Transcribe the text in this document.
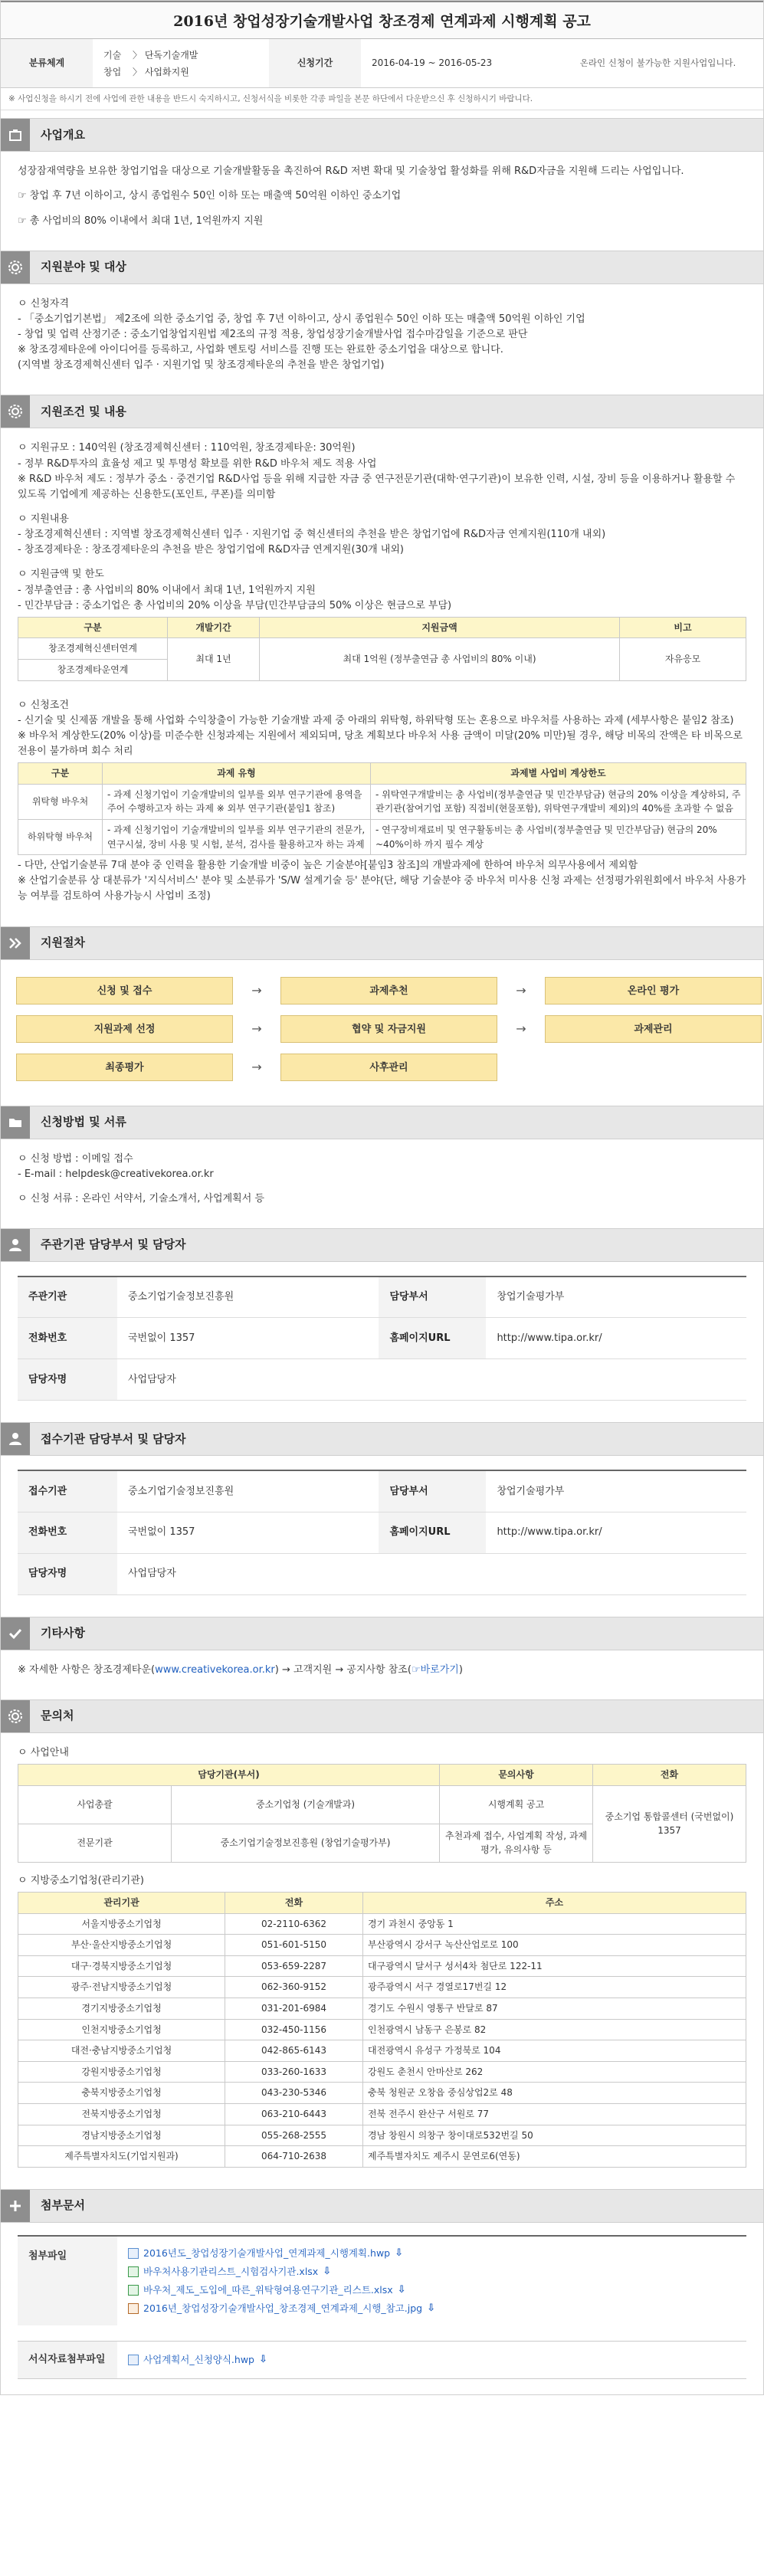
2016년 창업성장기술개발사업 창조경제 연계과제 시행계획 공고
분류체계
기술 〉 단독기술개발
창업 〉 사업화지원
신청기간	2016-04-19 ~ 2016-05-23	온라인 신청이 불가능한 지원사업입니다.
※ 사업신청을 하시기 전에 사업에 관한 내용을 반드시 숙지하시고, 신청서식을 비롯한 각종 파일을 본문 하단에서 다운받으신 후 신청하시기 바랍니다.
사업개요

성장잠재역량을 보유한 창업기업을 대상으로 기술개발활동을 촉진하여 R&D 저변 확대 및 기술창업 활성화를 위해 R&D자금을 지원해 드리는 사업입니다.

☞ 창업 후 7년 이하이고, 상시 종업원수 50인 이하 또는 매출액 50억원 이하인 중소기업

☞ 총 사업비의 80% 이내에서 최대 1년, 1억원까지 지원

지원분야 및 대상

ㅇ 신청자격

- 「중소기업기본법」 제2조에 의한 중소기업 중, 창업 후 7년 이하이고, 상시 종업원수 50인 이하 또는 매출액 50억원 이하인 기업

- 창업 및 업력 산정기준 : 중소기업창업지원법 제2조의 규정 적용, 창업성장기술개발사업 접수마감일을 기준으로 판단

※ 창조경제타운에 아이디어를 등록하고, 사업화 멘토링 서비스를 진행 또는 완료한 중소기업을 대상으로 합니다.

(지역별 창조경제혁신센터 입주 · 지원기업 및 창조경제타운의 추천을 받은 창업기업)

지원조건 및 내용

ㅇ 지원규모 : 140억원 (창조경제혁신센터 : 110억원, 창조경제타운: 30억원)

- 정부 R&D투자의 효율성 제고 및 투명성 확보를 위한 R&D 바우처 제도 적용 사업

※ R&D 바우처 제도 : 정부가 중소 · 중견기업 R&D사업 등을 위해 지급한 자금 중 연구전문기관(대학·연구기관)이 보유한 인력, 시설, 장비 등을 이용하거나 활용할 수 있도록 기업에게 제공하는 신용한도(포인트, 쿠폰)를 의미함

ㅇ 지원내용

- 창조경제혁신센터 : 지역별 창조경제혁신센터 입주 · 지원기업 중 혁신센터의 추천을 받은 창업기업에 R&D자금 연계지원(110개 내외)

- 창조경제타운 : 창조경제타운의 추천을 받은 창업기업에 R&D자금 연계지원(30개 내외)

ㅇ 지원금액 및 한도

- 정부출연금 : 총 사업비의 80% 이내에서 최대 1년, 1억원까지 지원

- 민간부담금 : 중소기업은 총 사업비의 20% 이상을 부담(민간부담금의 50% 이상은 현금으로 부담)

구분	개발기간	지원금액	비고
창조경제혁신센터연계	최대 1년	최대 1억원 (정부출연금 총 사업비의 80% 이내)	자유응모
창조경제타운연계			

ㅇ 신청조건

- 신기술 및 신제품 개발을 통해 사업화 수익창출이 가능한 기술개발 과제 중 아래의 위탁형, 하위탁형 또는 혼용으로 바우처를 사용하는 과제 (세부사항은 붙임2 참조)

※ 바우처 계상한도(20% 이상)를 미준수한 신청과제는 지원에서 제외되며, 당초 계획보다 바우처 사용 금액이 미달(20% 미만)될 경우, 해당 비목의 잔액은 타 비목으로 전용이 불가하며 회수 처리

구분	과제 유형	과제별 사업비 계상한도
위탁형 바우처	- 과제 신청기업이 기술개발비의 일부를 외부 연구기관에 용역을 주어 수행하고자 하는 과제 ※ 외부 연구기관(붙임1 참조)	- 위탁연구개발비는 총 사업비(정부출연금 및 민간부담금) 현금의 20% 이상을 계상하되, 주관기관(참여기업 포함) 직접비(현물포함), 위탁연구개발비 제외)의 40%를 초과할 수 없음
하위탁형 바우처	- 과제 신청기업이 기술개발비의 일부를 외부 연구기관의 전문가, 연구시설, 장비 사용 및 시험, 분석, 검사를 활용하고자 하는 과제	- 연구장비재료비 및 연구활동비는 총 사업비(정부출연금 및 민간부담금) 현금의 20% ~40%이하 까지 필수 계상

- 다만, 산업기술분류 7대 분야 중 인력을 활용한 기술개발 비중이 높은 기술분야[붙임3 참조]의 개발과제에 한하여 바우처 의무사용에서 제외함

※ 산업기술분류 상 대분류가 '지식서비스' 분야 및 소분류가 'S/W 설계기술 등' 분야(단, 해당 기술분야 중 바우처 미사용 신청 과제는 선정평가위원회에서 바우처 사용가능 여부를 검토하여 사용가능시 사업비 조정)

지원절차
신청 및 접수	→	과제추천	→	온라인 평가
지원과제 선정	→	협약 및 자금지원	→	과제관리
최종평가	→	사후관리
신청방법 및 서류

ㅇ 신청 방법 : 이메일 접수

- E-mail : helpdesk@creativekorea.or.kr

ㅇ 신청 서류 : 온라인 서약서, 기술소개서, 사업계획서 등

주관기관 담당부서 및 담당자
주관기관	중소기업기술정보진흥원	담당부서	창업기술평가부
전화번호	국번없이 1357	홈페이지URL	http://www.tipa.or.kr/
담당자명	사업담당자		
접수기관 담당부서 및 담당자
접수기관	중소기업기술정보진흥원	담당부서	창업기술평가부
전화번호	국번없이 1357	홈페이지URL	http://www.tipa.or.kr/
담당자명	사업담당자		
기타사항

※ 자세한 사항은 창조경제타운(www.creativekorea.or.kr) → 고객지원 → 공지사항 참조(☞바로가기)

문의처

ㅇ 사업안내

담당기관(부서)		문의사항	전화
사업총괄	중소기업청 (기술개발과)	시행계획 공고	중소기업 통합콜센터 (국번없이) 1357
전문기관	중소기업기술정보진흥원 (창업기술평가부)	추천과제 접수, 사업계획 작성, 과제평가, 유의사항 등	

ㅇ 지방중소기업청(관리기관)

관리기관	전화	주소
서울지방중소기업청	02-2110-6362	경기 과천시 중앙동 1
부산·울산지방중소기업청	051-601-5150	부산광역시 강서구 녹산산업로로 100
대구·경북지방중소기업청	053-659-2287	대구광역시 달서구 성서4차 첨단로 122-11
광주·전남지방중소기업청	062-360-9152	광주광역시 서구 경열로17번길 12
경기지방중소기업청	031-201-6984	경기도 수원시 영통구 반달로 87
인천지방중소기업청	032-450-1156	인천광역시 남동구 은봉로 82
대전·충남지방중소기업청	042-865-6143	대전광역시 유성구 가정북로 104
강원지방중소기업청	033-260-1633	강원도 춘천시 안마산로 262
충북지방중소기업청	043-230-5346	충북 청원군 오창읍 중심상업2로 48
전북지방중소기업청	063-210-6443	전북 전주시 완산구 서원로 77
경남지방중소기업청	055-268-2555	경남 창원시 의창구 창이대로532번길 50
제주특별자치도(기업지원과)	064-710-2638	제주특별자치도 제주시 문연로6(연동)
첨부문서
첨부파일	2016년도_창업성장기술개발사업_연계과제_시행계획.hwp ⇩
바우처사용기관리스트_시험검사기관.xlsx ⇩
바우처_제도_도입에_따른_위탁형여용연구기관_리스트.xlsx ⇩
2016년_창업성장기술개발사업_창조경제_연계과제_시행_참고.jpg ⇩
서식자료첨부파일	사업계획서_신청양식.hwp ⇩
